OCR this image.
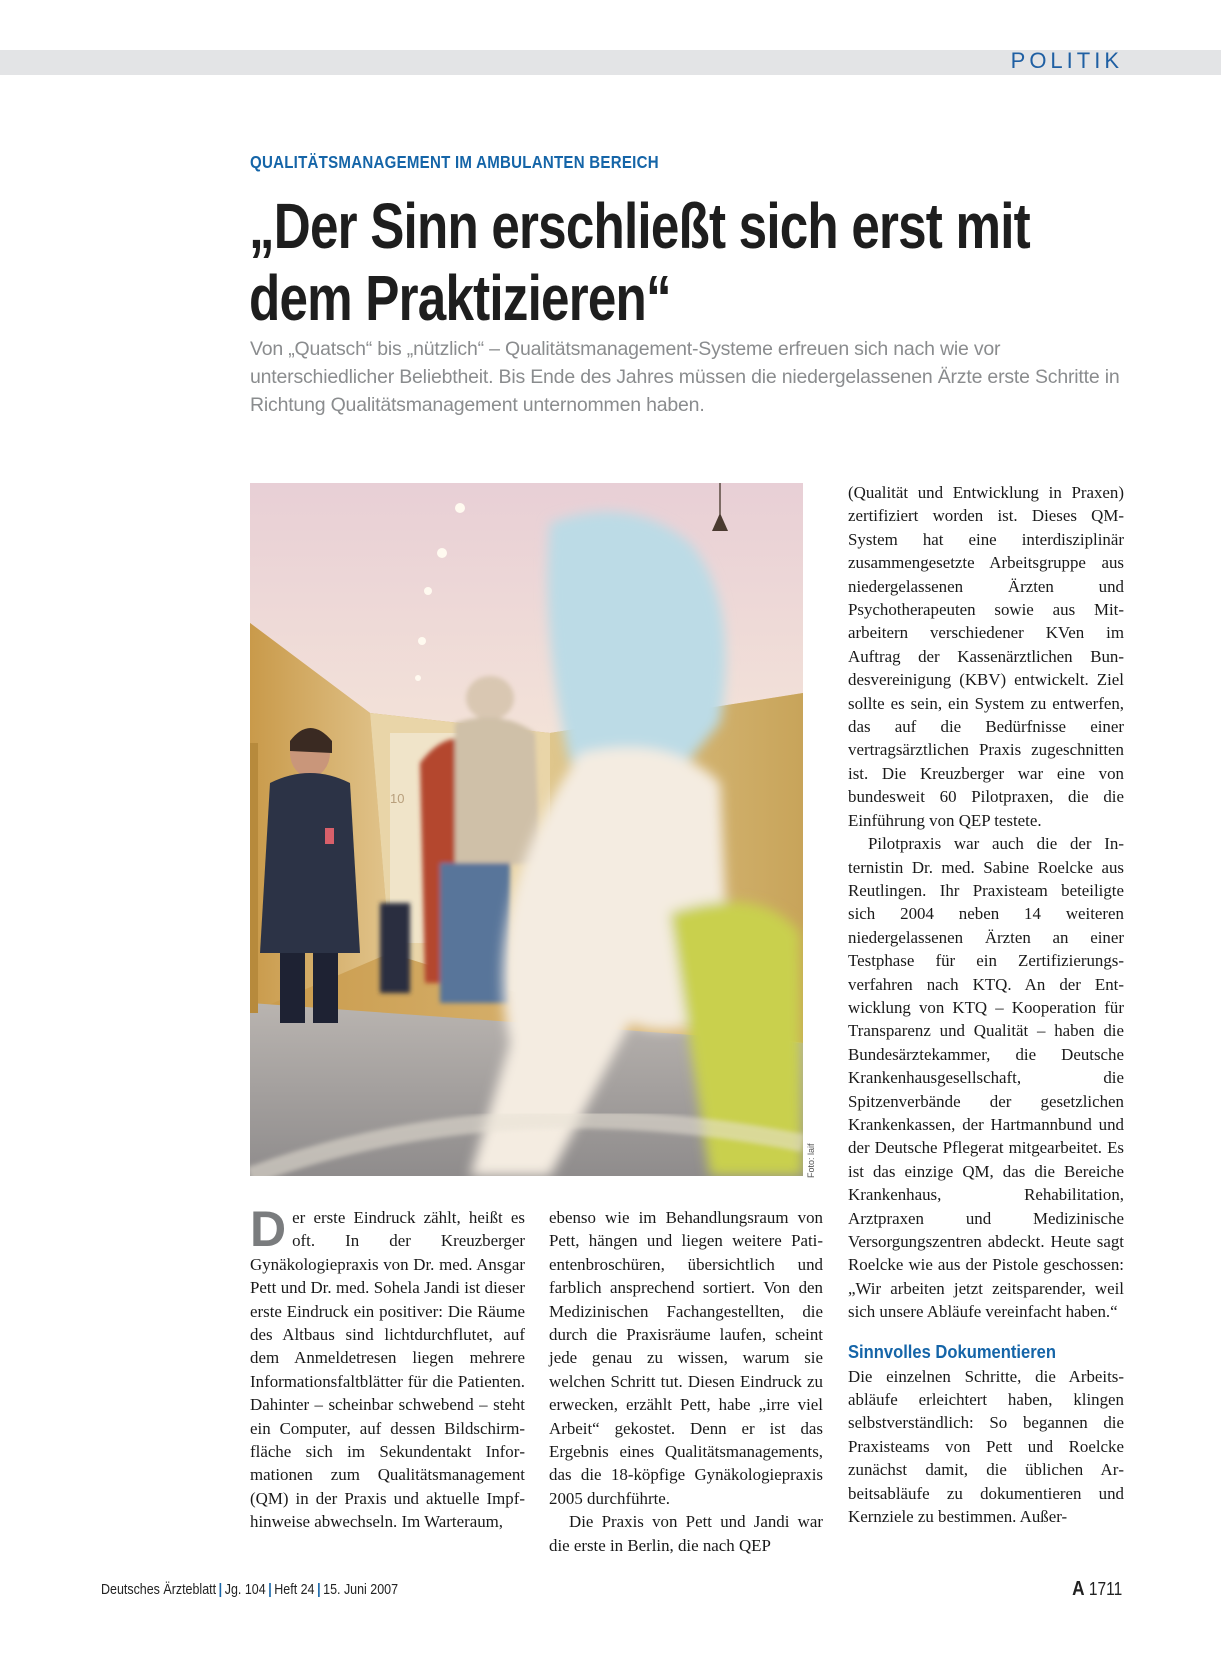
POLITIK
QUALITÄTSMANAGEMENT IM AMBULANTEN BEREICH
„Der Sinn erschließt sich erst mit
dem Praktizieren“

Von „Quatsch“ bis „nützlich“ – Qualitätsmanagement-Systeme erfreuen sich nach wie vor unterschiedlicher Beliebtheit. Bis Ende des Jahres müssen die niedergelassenen Ärzte erste Schritte in Richtung Qualitätsmanagement unternommen haben.

10
Foto: laif

Der erste Eindruck zählt, heißt es oft. In der Kreuzberger Gynäkologiepraxis von Dr. med. Ansgar Pett und Dr. med. Sohela Jandi ist dieser erste Eindruck ein positiver: Die Räume des Altbaus sind lichtdurchflutet, auf dem Anmeldetresen liegen mehrere Informationsfaltblätter für die Patienten. Dahinter – scheinbar schwebend – steht ein Computer, auf dessen Bildschirmfläche sich im Sekundentakt Informationen zum Qualitätsmanagement (QM) in der Praxis und aktuelle Impfhinweise abwechseln. Im Warteraum,

ebenso wie im Behandlungsraum von Pett, hängen und liegen weitere Patientenbroschüren, übersichtlich und farblich ansprechend sortiert. Von den Medizinischen Fachangestellten, die durch die Praxisräume laufen, scheint jede genau zu wissen, warum sie welchen Schritt tut. Diesen Eindruck zu erwecken, erzählt Pett, habe „irre viel Arbeit“ gekostet. Denn er ist das Ergebnis eines Qualitätsmanagements, das die 18-köpfige Gynäkologiepraxis 2005 durchführte.

Die Praxis von Pett und Jandi war die erste in Berlin, die nach QEP

(Qualität und Entwicklung in Praxen) zertifiziert worden ist. Dieses QM-System hat eine interdisziplinär zusammengesetzte Arbeitsgruppe aus niedergelassenen Ärzten und Psychotherapeuten sowie aus Mitarbeitern verschiedener KVen im Auftrag der Kassenärztlichen Bundesvereinigung (KBV) entwickelt. Ziel sollte es sein, ein System zu entwerfen, das auf die Bedürfnisse einer vertragsärztlichen Praxis zugeschnitten ist. Die Kreuzberger war eine von bundesweit 60 Pilotpraxen, die die Einführung von QEP testete.

Pilotpraxis war auch die der Internistin Dr. med. Sabine Roelcke aus Reutlingen. Ihr Praxisteam beteiligte sich 2004 neben 14 weiteren niedergelassenen Ärzten an einer Testphase für ein Zertifizierungsverfahren nach KTQ. An der Entwicklung von KTQ – Kooperation für Transparenz und Qualität – haben die Bundesärztekammer, die Deutsche Krankenhausgesellschaft, die Spitzenverbände der gesetzlichen Krankenkassen, der Hartmannbund und der Deutsche Pflegerat mitgearbeitet. Es ist das einzige QM, das die Bereiche Krankenhaus, Rehabilitation, Arztpraxen und Medizinische Versorgungszentren abdeckt. Heute sagt Roelcke wie aus der Pistole geschossen: „Wir arbeiten jetzt zeitsparender, weil sich unsere Abläufe vereinfacht haben.“

Sinnvolles Dokumentieren

Die einzelnen Schritte, die Arbeitsabläufe erleichtert haben, klingen selbstverständlich: So begannen die Praxisteams von Pett und Roelcke zunächst damit, die üblichen Arbeitsabläufe zu dokumentieren und Kernziele zu bestimmen. Außer-

Deutsches Ärzteblatt | Jg. 104 | Heft 24 | 15. Juni 2007	A 1711
